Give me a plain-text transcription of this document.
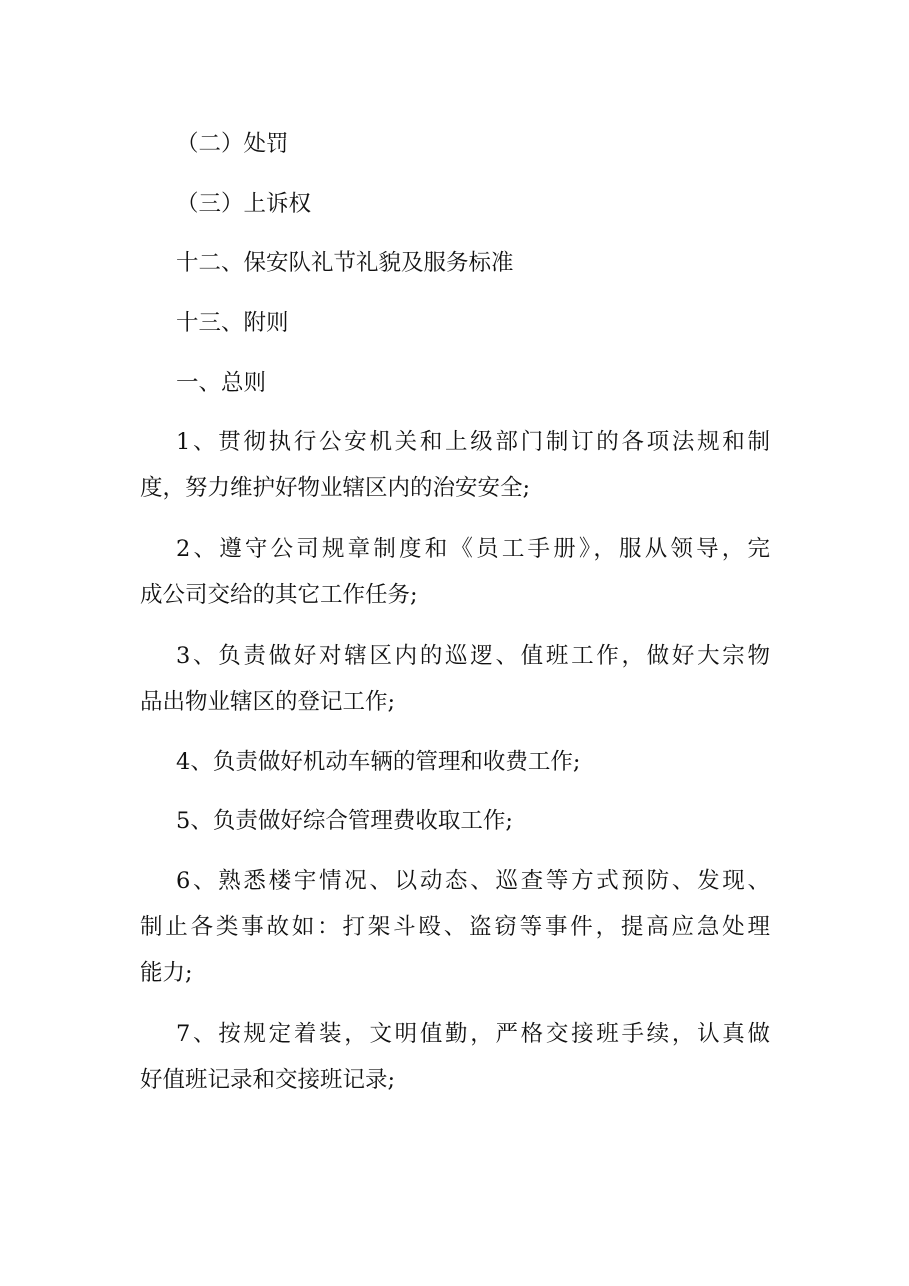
（二）处罚
（三）上诉权
十二、保安队礼节礼貌及服务标准
十三、附则
一、总则
1、贯彻执行公安机关和上级部门制订的各项法规和制
度，努力维护好物业辖区内的治安安全;
2、遵守公司规章制度和《员工手册》，服从领导，完
成公司交给的其它工作任务;
3、负责做好对辖区内的巡逻、值班工作，做好大宗物
品出物业辖区的登记工作;
4、负责做好机动车辆的管理和收费工作;
5、负责做好综合管理费收取工作;
6、熟悉楼宇情况、以动态、巡查等方式预防、发现、
制止各类事故如：打架斗殴、盗窃等事件，提高应急处理
能力;
7、按规定着装，文明值勤，严格交接班手续，认真做
好值班记录和交接班记录;
